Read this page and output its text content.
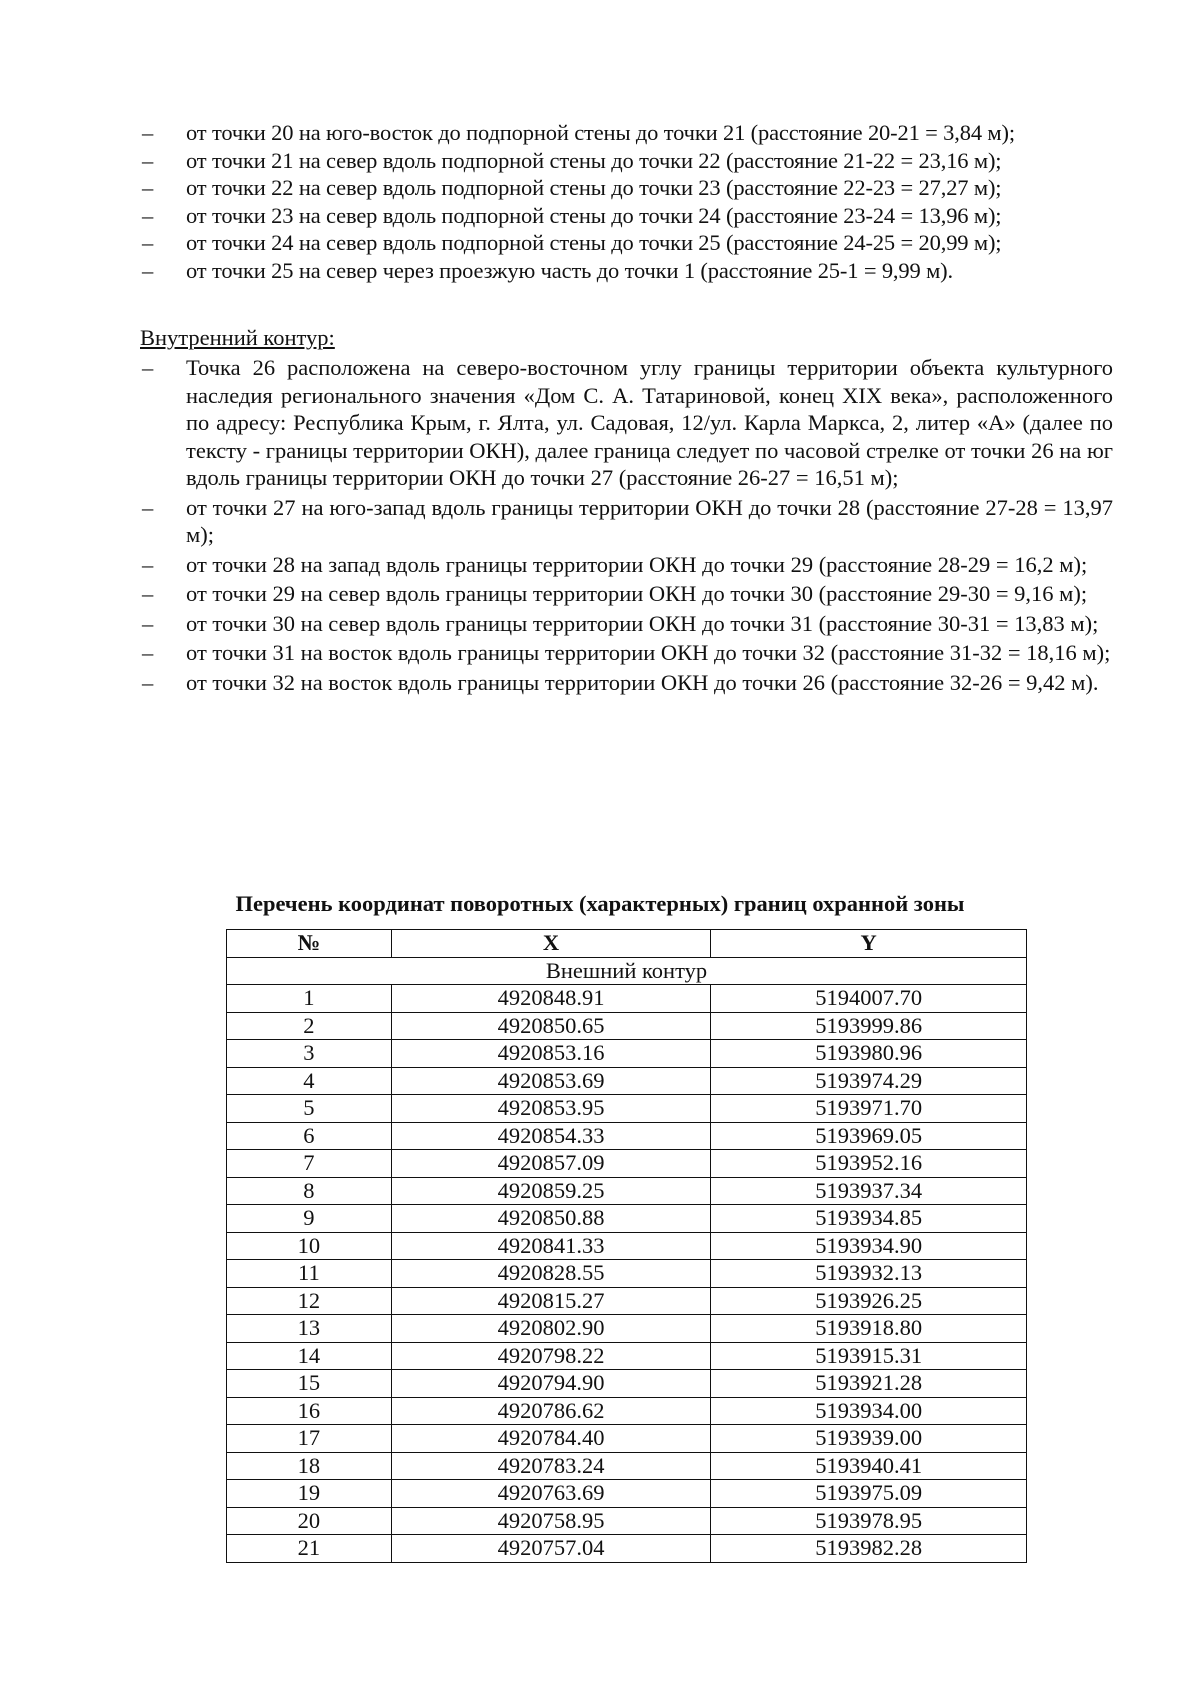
– от точки 20 на юго-восток до подпорной стены до точки 21 (расстояние 20-21 = 3,84 м);
– от точки 21 на север вдоль подпорной стены до точки 22 (расстояние 21-22 = 23,16 м);
– от точки 22 на север вдоль подпорной стены до точки 23 (расстояние 22-23 = 27,27 м);
– от точки 23 на север вдоль подпорной стены до точки 24 (расстояние 23-24 = 13,96 м);
– от точки 24 на север вдоль подпорной стены до точки 25 (расстояние 24-25 = 20,99 м);
– от точки 25 на север через проезжую часть до точки 1 (расстояние 25-1 = 9,99 м).
Внутренний контур:
– Точка 26 расположена на северо-восточном углу границы территории объекта культурного наследия регионального значения «Дом С. А. Татариновой, конец XIX века», расположенного по адресу: Республика Крым, г. Ялта, ул. Садовая, 12/ул. Карла Маркса, 2, литер «А» (далее по тексту - границы территории ОКН), далее граница следует по часовой стрелке от точки 26 на юг вдоль границы территории ОКН до точки 27 (расстояние 26-27 = 16,51 м);
– от точки 27 на юго-запад вдоль границы территории ОКН до точки 28 (расстояние 27-28 = 13,97 м);
– от точки 28 на запад вдоль границы территории ОКН до точки 29 (расстояние 28-29 = 16,2 м);
– от точки 29 на север вдоль границы территории ОКН до точки 30 (расстояние 29-30 = 9,16 м);
– от точки 30 на север вдоль границы территории ОКН до точки 31 (расстояние 30-31 = 13,83 м);
– от точки 31 на восток вдоль границы территории ОКН до точки 32 (расстояние 31-32 = 18,16 м);
– от точки 32 на восток вдоль границы территории ОКН до точки 26 (расстояние 32-26 = 9,42 м).
Перечень координат поворотных (характерных) границ охранной зоны
№	X	Y
Внешний контур		
1	4920848.91	5194007.70
2	4920850.65	5193999.86
3	4920853.16	5193980.96
4	4920853.69	5193974.29
5	4920853.95	5193971.70
6	4920854.33	5193969.05
7	4920857.09	5193952.16
8	4920859.25	5193937.34
9	4920850.88	5193934.85
10	4920841.33	5193934.90
11	4920828.55	5193932.13
12	4920815.27	5193926.25
13	4920802.90	5193918.80
14	4920798.22	5193915.31
15	4920794.90	5193921.28
16	4920786.62	5193934.00
17	4920784.40	5193939.00
18	4920783.24	5193940.41
19	4920763.69	5193975.09
20	4920758.95	5193978.95
21	4920757.04	5193982.28
